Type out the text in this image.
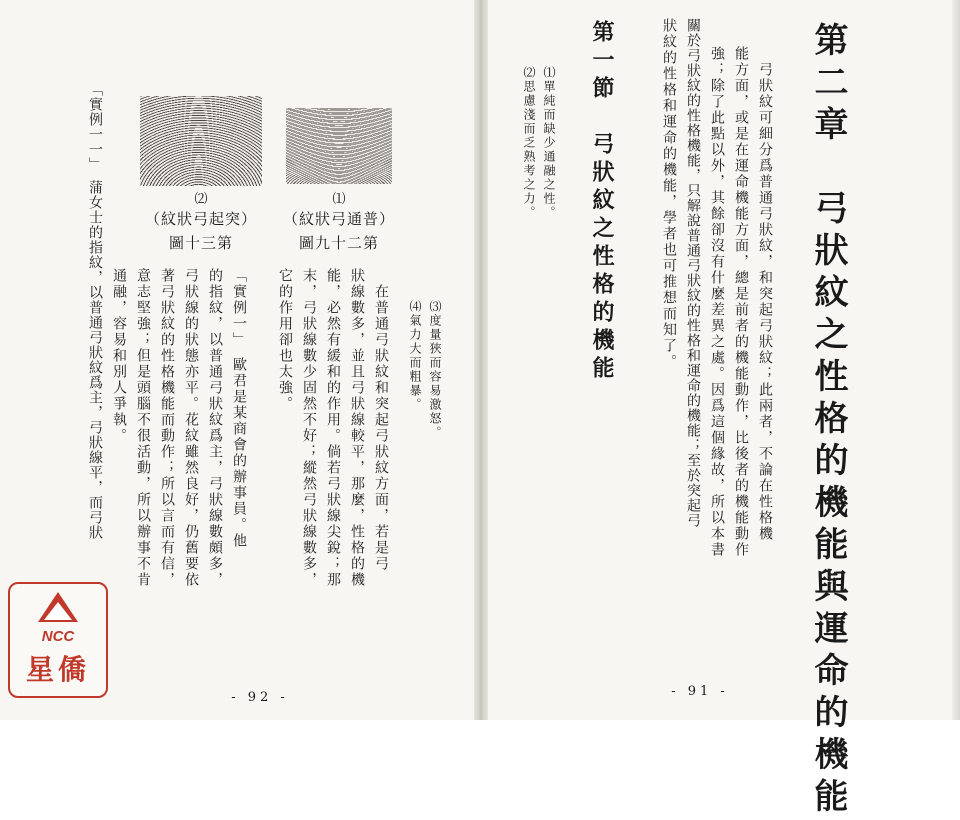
第二章　弓狀紋之性格的機能與運命的機能
　弓狀紋可細分爲普通弓狀紋，和突起弓狀紋；此兩者，不論在性格機
能方面，或是在運命機能方面，總是前者的機能動作，比後者的機能動作
強；除了此點以外，其餘卻沒有什麼差異之處。因爲這個緣故，所以本書
關於弓狀紋的性格機能，只解說普通弓狀紋的性格和運命的機能；至於突起弓
狀紋的性格和運命的機能，學者也可推想而知了。
第一節　弓狀紋之性格的機能
⑴單純而缺少通融之性。
⑵思慮淺而乏熟考之力。
- 91 -
⑶度量狹而容易激怒。
⑷氣力大而粗暴。
⑴
（紋狀弓通普）
圖九十二第
⑵
（紋狀弓起突）
圖十三第
　在普通弓狀紋和突起弓狀紋方面，若是弓
狀線數多，並且弓狀線較平，那麼，性格的機
能，必然有緩和的作用。倘若弓狀線尖銳；那
末，弓狀線數少固然不好；縱然弓狀線數多，
它的作用卻也太強。
「實例一」　歐君是某商會的辦事員。他
的指紋，以普通弓狀紋爲主，弓狀線數頗多，
弓狀線的狀態亦平。花紋雖然良好，仍舊要依
著弓狀紋的性格機能而動作；所以言而有信，
意志堅強；但是頭腦不很活動，所以辦事不肯
通融，容易和別人爭執。
「實例一一」　蒲女士的指紋，以普通弓狀紋爲主，弓狀線平，而弓狀
- 92 -
NCC
星僑
